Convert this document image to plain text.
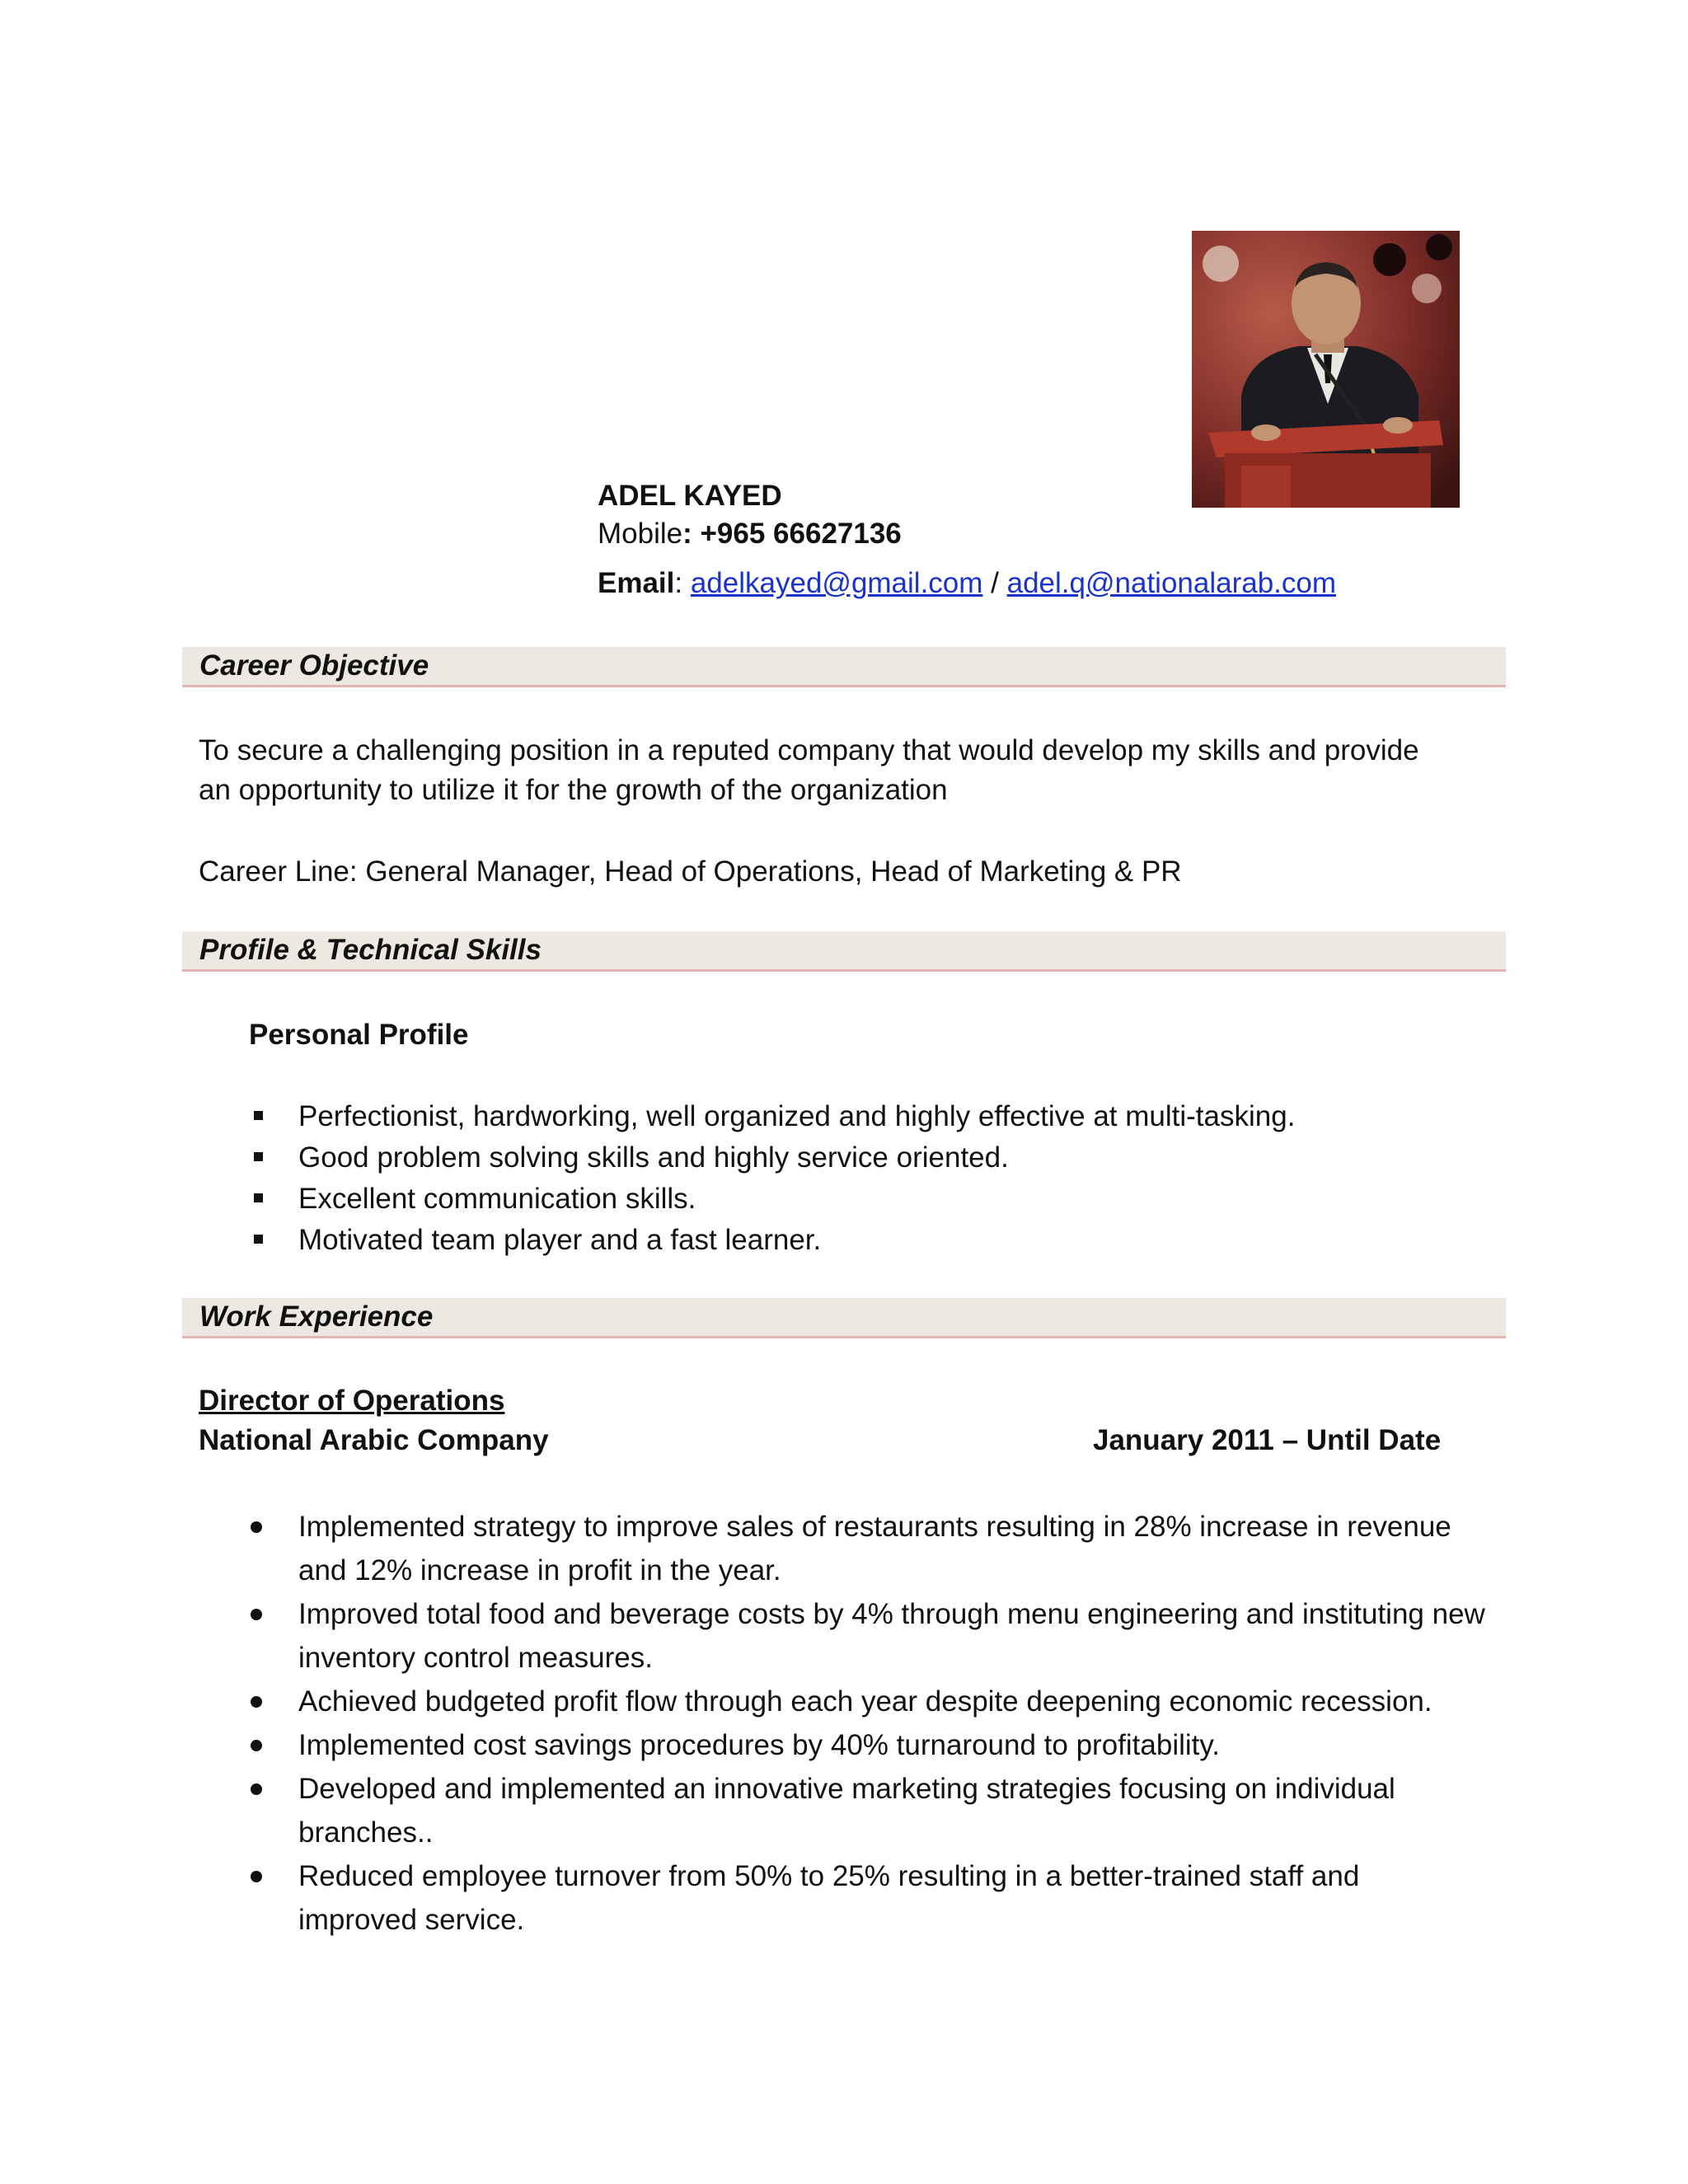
ADEL KAYED
Mobile: +965 66627136
Email: adelkayed@gmail.com / adel.q@nationalarab.com
Career Objective
To secure a challenging position in a reputed company that would develop my skills and provide
an opportunity to utilize it for the growth of the organization
Career Line: General Manager, Head of Operations, Head of Marketing & PR
Profile & Technical Skills
Personal Profile
Perfectionist, hardworking, well organized and highly effective at multi-tasking.
Good problem solving skills and highly service oriented.
Excellent communication skills.
Motivated team player and a fast learner.
Work Experience
Director of Operations
National Arabic Company	January 2011 – Until Date
Implemented strategy to improve sales of restaurants resulting in 28% increase in revenue and 12% increase in profit in the year.
Improved total food and beverage costs by 4% through menu engineering and instituting new inventory control measures.
Achieved budgeted profit flow through each year despite deepening economic recession.
Implemented cost savings procedures by 40% turnaround to profitability.
Developed and implemented an innovative marketing strategies focusing on individual branches..
Reduced employee turnover from 50% to 25% resulting in a better-trained staff and improved service.
